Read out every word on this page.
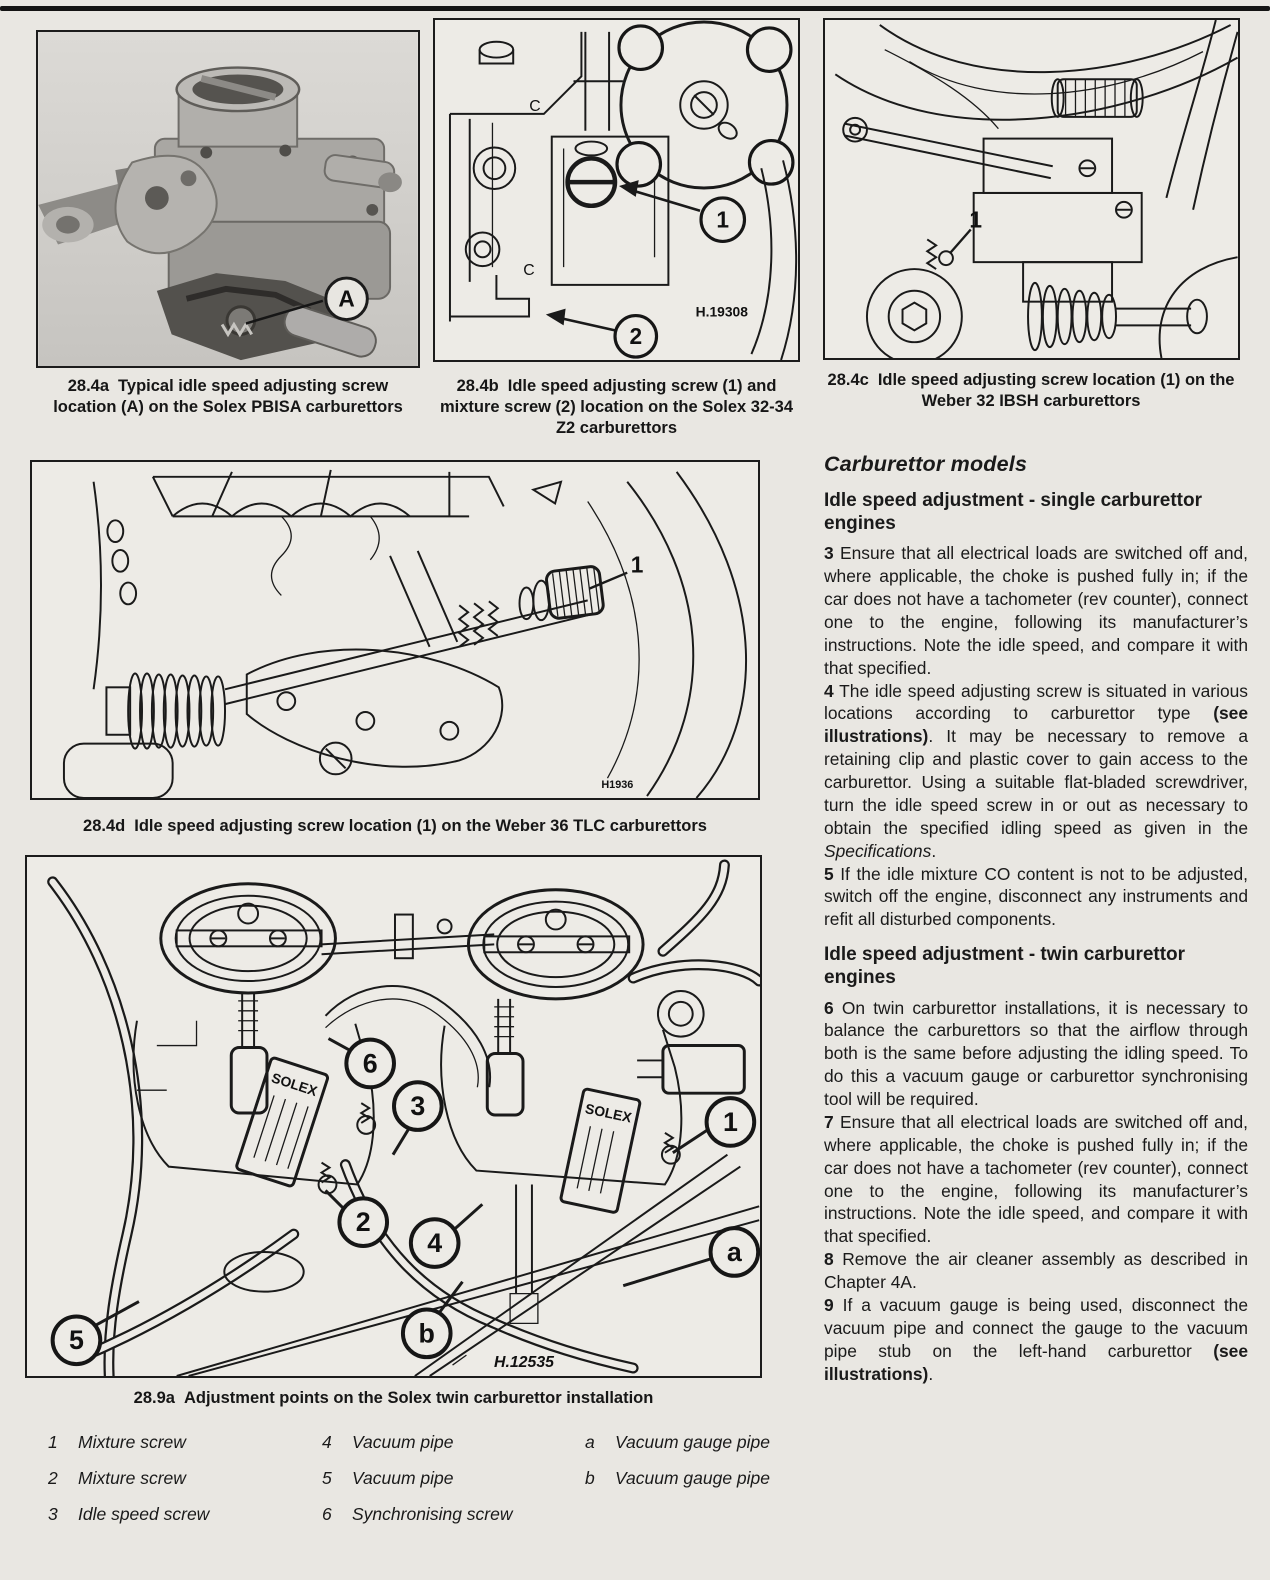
A
28.4a Typical idle speed adjusting screw location (A) on the Solex PBISA carburettors
C
C
1
2
H.19308
28.4b Idle speed adjusting screw (1) and mixture screw (2) location on the Solex 32-34 Z2 carburettors
1
28.4c Idle speed adjusting screw location (1) on the Weber 32 IBSH carburettors
1
H1936
28.4d Idle speed adjusting screw location (1) on the Weber 36 TLC carburettors
SOLEX
SOLEX
6
3
2
4
5
1
a
b
H.12535
28.9a Adjustment points on the Solex twin carburettor installation
1	Mixture screw
2	Mixture screw
3	Idle speed screw
4	Vacuum pipe
5	Vacuum pipe
6	Synchronising screw
a	Vacuum gauge pipe
b	Vacuum gauge pipe
Carburettor models
Idle speed adjustment - single carburettor engines

3 Ensure that all electrical loads are switched off and, where applicable, the choke is pushed fully in; if the car does not have a tachometer (rev counter), connect one to the engine, following its manufacturer’s instructions. Note the idle speed, and compare it with that specified.

4 The idle speed adjusting screw is situated in various locations according to carburettor type (see illustrations). It may be necessary to remove a retaining clip and plastic cover to gain access to the carburettor. Using a suitable flat-bladed screwdriver, turn the idle speed screw in or out as necessary to obtain the specified idling speed as given in the Specifications.

5 If the idle mixture CO content is not to be adjusted, switch off the engine, disconnect any instruments and refit all disturbed components.

Idle speed adjustment - twin carburettor engines

6 On twin carburettor installations, it is necessary to balance the carburettors so that the airflow through both is the same before adjusting the idling speed. To do this a vacuum gauge or carburettor synchronising tool will be required.

7 Ensure that all electrical loads are switched off and, where applicable, the choke is pushed fully in; if the car does not have a tachometer (rev counter), connect one to the engine, following its manufacturer’s instructions. Note the idle speed, and compare it with that specified.

8 Remove the air cleaner assembly as described in Chapter 4A.

9 If a vacuum gauge is being used, disconnect the vacuum pipe and connect the gauge to the vacuum pipe stub on the left-hand carburettor (see illustrations).
